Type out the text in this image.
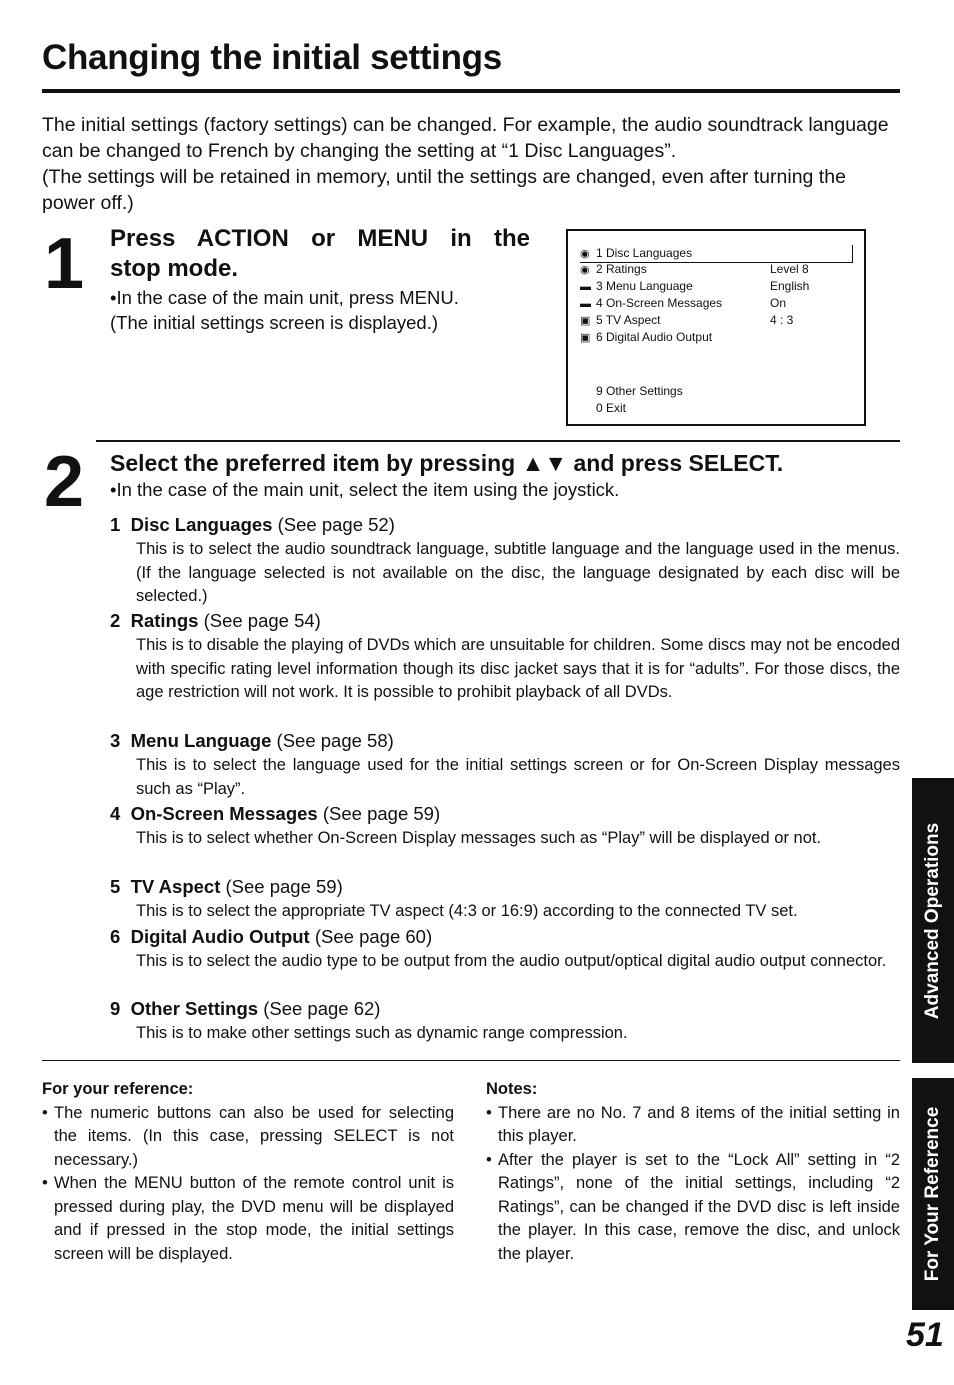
Changing the initial settings
The initial settings (factory settings) can be changed. For example, the audio soundtrack language can be changed to French by changing the setting at “1 Disc Languages”.
(The settings will be retained in memory, until the settings are changed, even after turning the power off.)
1 Press ACTION or MENU in the
stop mode.
•In the case of the main unit, press MENU.
(The initial settings screen is displayed.)
◉ 1 Disc Languages
◉ 2 Ratings	Level 8
▬ 3 Menu Language	English
▬ 4 On-Screen Messages	On
▣ 5 TV Aspect	4 : 3
▣ 6 Digital Audio Output
9 Other Settings
0 Exit
2 Select the preferred item by pressing ▲▼ and press SELECT.
•In the case of the main unit, select the item using the joystick.
1 Disc Languages (See page 52)
This is to select the audio soundtrack language, subtitle language and the language used in the menus. (If the language selected is not available on the disc, the language designated by each disc will be selected.)
2 Ratings (See page 54)
This is to disable the playing of DVDs which are unsuitable for children. Some discs may not be encoded with specific rating level information though its disc jacket says that it is for “adults”. For those discs, the age restriction will not work. It is possible to prohibit playback of all DVDs.
3 Menu Language (See page 58)
This is to select the language used for the initial settings screen or for On-Screen Display messages such as “Play”.
4 On-Screen Messages (See page 59)
This is to select whether On-Screen Display messages such as “Play” will be displayed or not.
5 TV Aspect (See page 59)
This is to select the appropriate TV aspect (4:3 or 16:9) according to the connected TV set.
6 Digital Audio Output (See page 60)
This is to select the audio type to be output from the audio output/optical digital audio output connector.
9 Other Settings (See page 62)
This is to make other settings such as dynamic range compression.
For your reference:
• The numeric buttons can also be used for selecting the items. (In this case, pressing SELECT is not necessary.)
• When the MENU button of the remote control unit is pressed during play, the DVD menu will be displayed and if pressed in the stop mode, the initial settings screen will be displayed.
Notes:
• There are no No. 7 and 8 items of the initial setting in this player.
• After the player is set to the “Lock All” setting in “2 Ratings”, none of the initial settings, including “2 Ratings”, can be changed if the DVD disc is left inside the player. In this case, remove the disc, and unlock the player.
Advanced Operations
For Your Reference
51
